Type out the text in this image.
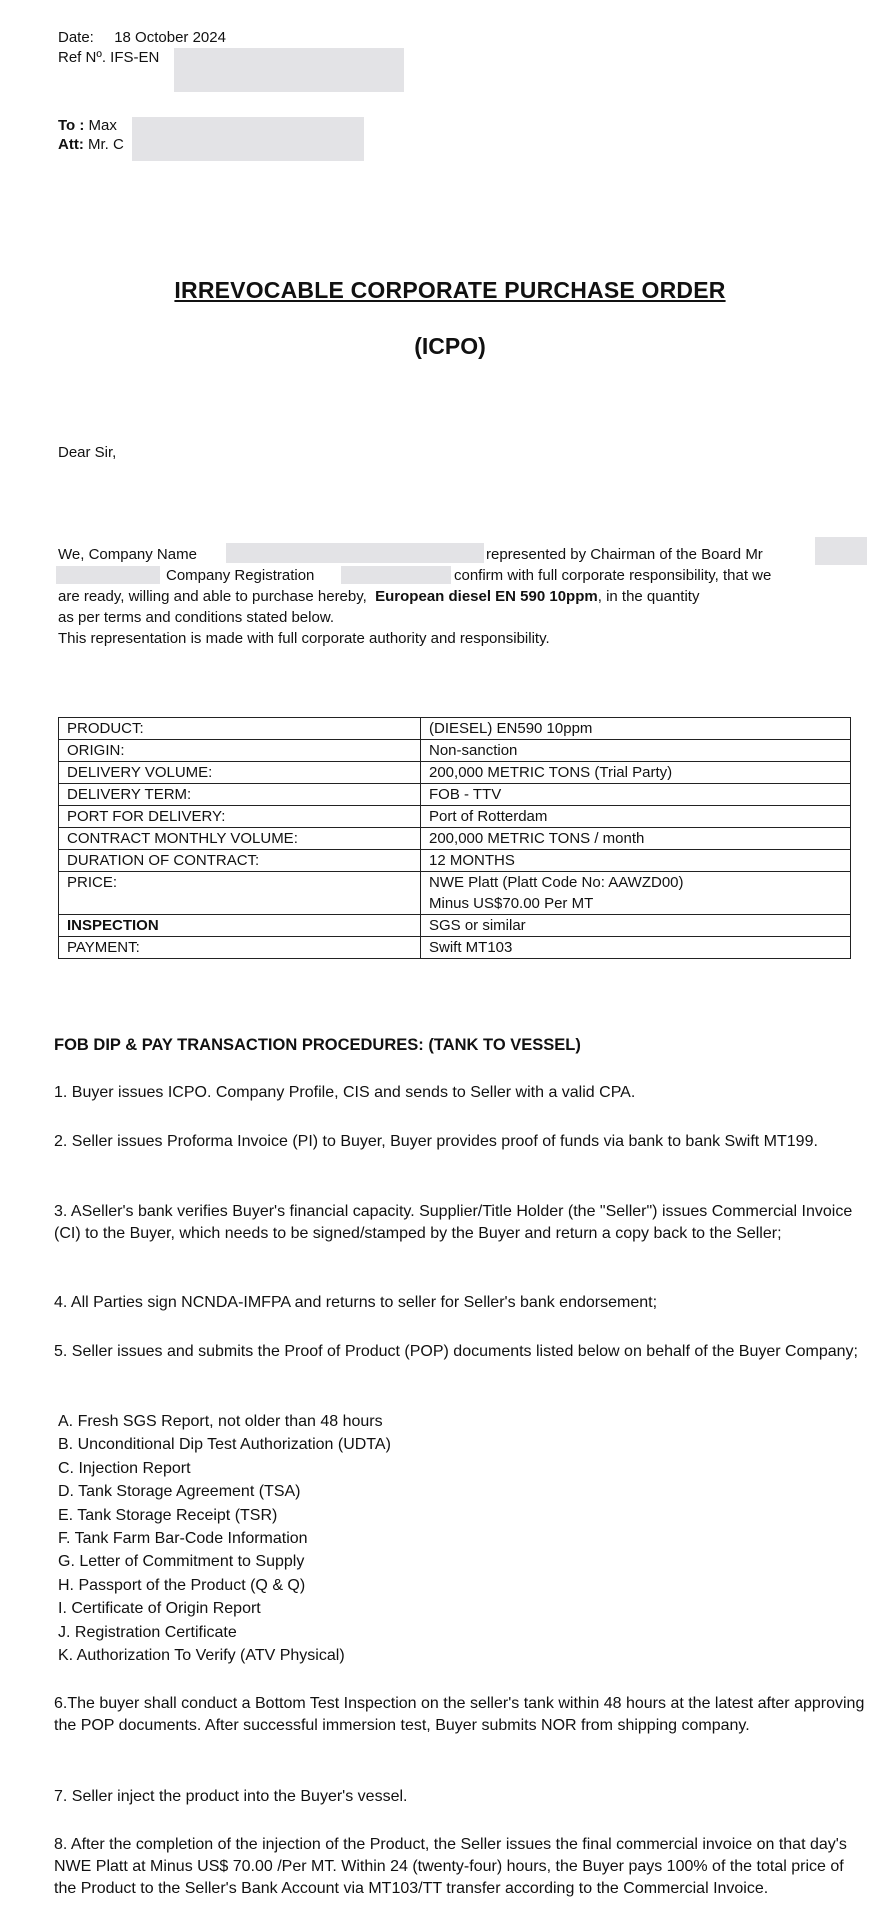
Date: 18 October 2024
Ref Nº. IFS-EN
To : Max
Att: Mr. C
IRREVOCABLE CORPORATE PURCHASE ORDER
(ICPO)
Dear Sir,
We, Company Name	represented by Chairman of the Board Mr
Company Registration	confirm with full corporate responsibility, that we
are ready, willing and able to purchase hereby, European diesel EN 590 10ppm, in the quantity
as per terms and conditions stated below.
This representation is made with full corporate authority and responsibility.
PRODUCT:	(DIESEL) EN590 10ppm
ORIGIN:	Non-sanction
DELIVERY VOLUME:	200,000 METRIC TONS (Trial Party)
DELIVERY TERM:	FOB - TTV
PORT FOR DELIVERY:	Port of Rotterdam
CONTRACT MONTHLY VOLUME:	200,000 METRIC TONS / month
DURATION OF CONTRACT:	12 MONTHS
PRICE:	NWE Platt (Platt Code No: AAWZD00)
Minus US$70.00 Per MT

INSPECTION	SGS or similar
PAYMENT:	Swift MT103
FOB DIP & PAY TRANSACTION PROCEDURES: (TANK TO VESSEL)
1. Buyer issues ICPO. Company Profile, CIS and sends to Seller with a valid CPA.
2. Seller issues Proforma Invoice (PI) to Buyer, Buyer provides proof of funds via bank to bank Swift MT199.
3. ASeller's bank verifies Buyer's financial capacity. Supplier/Title Holder (the "Seller") issues Commercial Invoice (CI) to the Buyer, which needs to be signed/stamped by the Buyer and return a copy back to the Seller;
4. All Parties sign NCNDA-IMFPA and returns to seller for Seller's bank endorsement;
5. Seller issues and submits the Proof of Product (POP) documents listed below on behalf of the Buyer Company;
A. Fresh SGS Report, not older than 48 hours
B. Unconditional Dip Test Authorization (UDTA)
C. Injection Report
D. Tank Storage Agreement (TSA)
E. Tank Storage Receipt (TSR)
F. Tank Farm Bar-Code Information
G. Letter of Commitment to Supply
H. Passport of the Product (Q & Q)
I. Certificate of Origin Report
J. Registration Certificate
K. Authorization To Verify (ATV Physical)
6.The buyer shall conduct a Bottom Test Inspection on the seller's tank within 48 hours at the latest after approving the POP documents. After successful immersion test, Buyer submits NOR from shipping company.
7. Seller inject the product into the Buyer's vessel.
8. After the completion of the injection of the Product, the Seller issues the final commercial invoice on that day's NWE Platt at Minus US$ 70.00 /Per MT. Within 24 (twenty-four) hours, the Buyer pays 100% of the total price of the Product to the Seller's Bank Account via MT103/TT transfer according to the Commercial Invoice.
